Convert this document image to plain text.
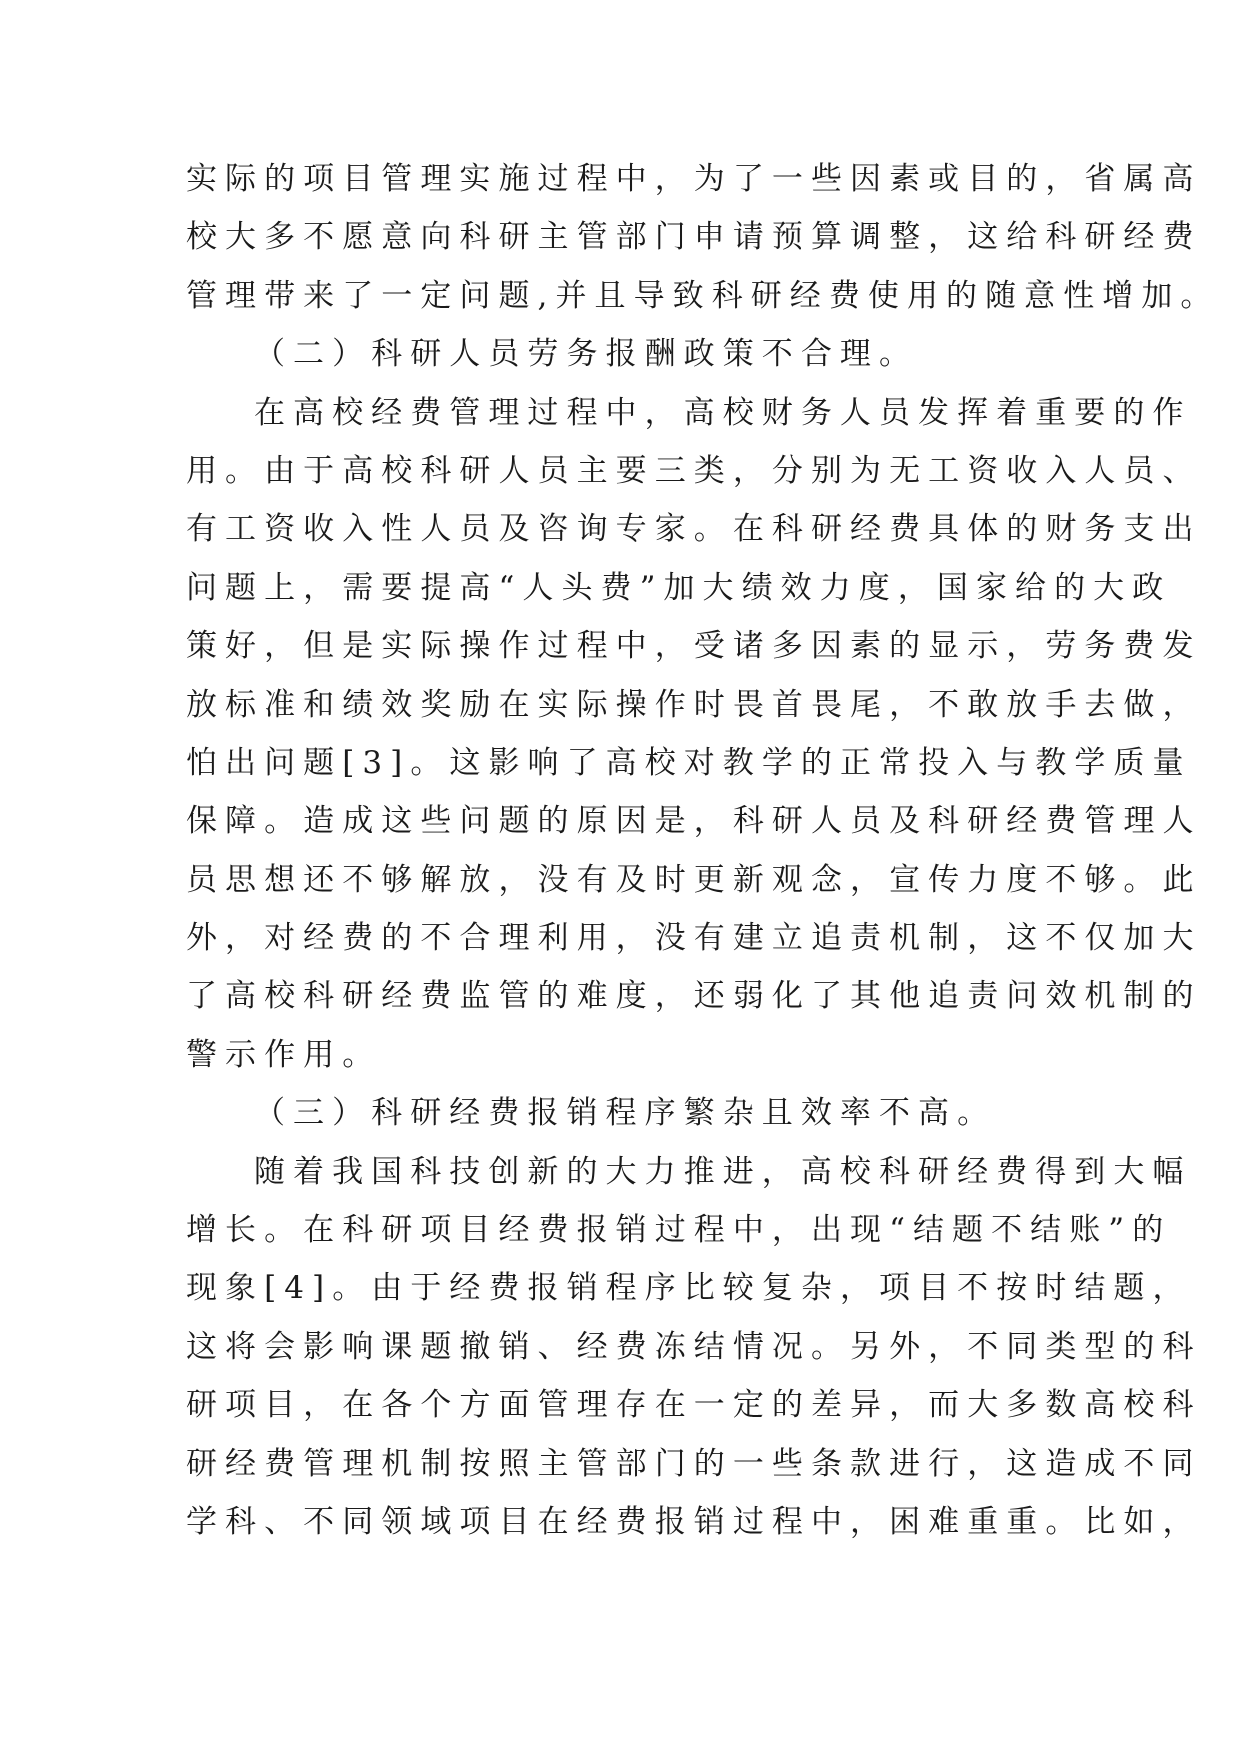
实际的项目管理实施过程中，为了一些因素或目的，省属高
校大多不愿意向科研主管部门申请预算调整，这给科研经费
管理带来了一定问题,并且导致科研经费使用的随意性增加。
（二）科研人员劳务报酬政策不合理。
在高校经费管理过程中，高校财务人员发挥着重要的作
用。由于高校科研人员主要三类，分别为无工资收入人员、
有工资收入性人员及咨询专家。在科研经费具体的财务支出
问题上，需要提高“人头费”加大绩效力度，国家给的大政
策好，但是实际操作过程中，受诸多因素的显示，劳务费发
放标准和绩效奖励在实际操作时畏首畏尾，不敢放手去做，
怕出问题[3]。这影响了高校对教学的正常投入与教学质量
保障。造成这些问题的原因是，科研人员及科研经费管理人
员思想还不够解放，没有及时更新观念，宣传力度不够。此
外，对经费的不合理利用，没有建立追责机制，这不仅加大
了高校科研经费监管的难度，还弱化了其他追责问效机制的
警示作用。
（三）科研经费报销程序繁杂且效率不高。
随着我国科技创新的大力推进，高校科研经费得到大幅
增长。在科研项目经费报销过程中，出现“结题不结账”的
现象[4]。由于经费报销程序比较复杂，项目不按时结题，
这将会影响课题撤销、经费冻结情况。另外，不同类型的科
研项目，在各个方面管理存在一定的差异，而大多数高校科
研经费管理机制按照主管部门的一些条款进行，这造成不同
学科、不同领域项目在经费报销过程中，困难重重。比如，
